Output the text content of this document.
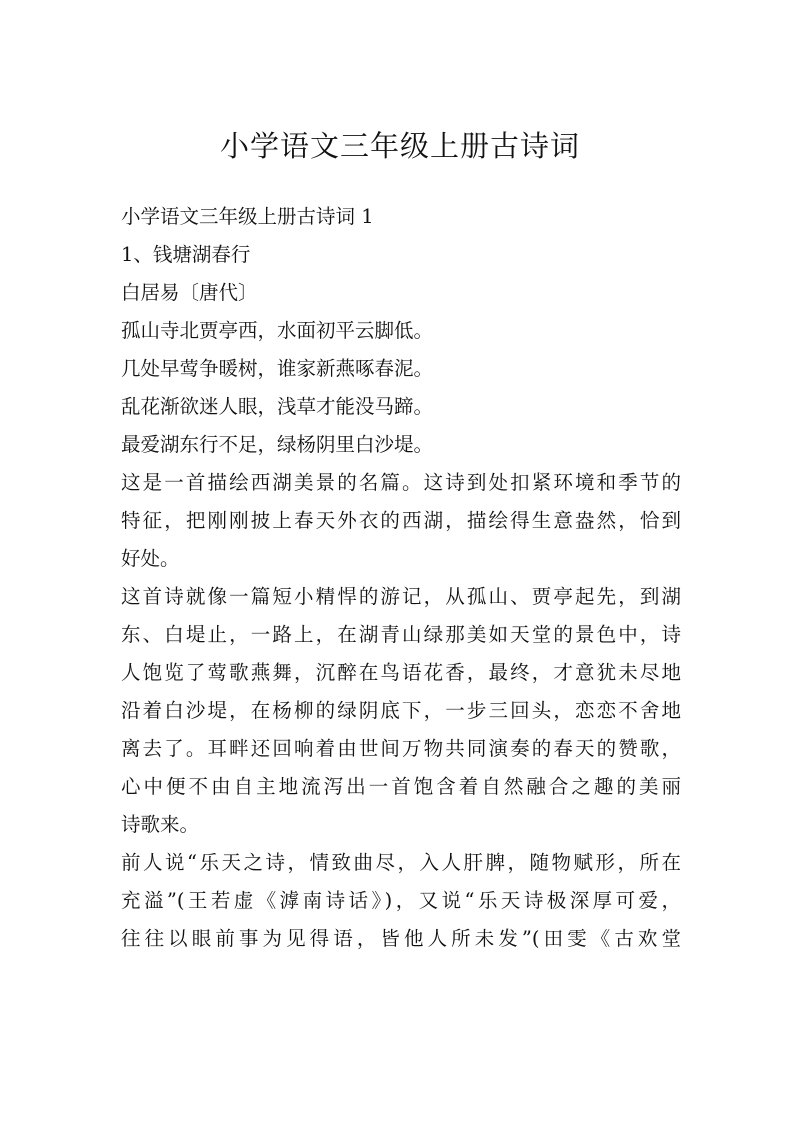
小学语文三年级上册古诗词

小学语文三年级上册古诗词 1

1、钱塘湖春行

白居易〔唐代〕

孤山寺北贾亭西，水面初平云脚低。

几处早莺争暖树，谁家新燕啄春泥。

乱花渐欲迷人眼，浅草才能没马蹄。

最爱湖东行不足，绿杨阴里白沙堤。

这是一首描绘西湖美景的名篇。这诗到处扣紧环境和季节的
特征，把刚刚披上春天外衣的西湖，描绘得生意盎然，恰到
好处。
这首诗就像一篇短小精悍的游记，从孤山、贾亭起先，到湖
东、白堤止，一路上，在湖青山绿那美如天堂的景色中，诗
人饱览了莺歌燕舞，沉醉在鸟语花香，最终，才意犹未尽地
沿着白沙堤，在杨柳的绿阴底下，一步三回头，恋恋不舍地
离去了。耳畔还回响着由世间万物共同演奏的春天的赞歌，
心中便不由自主地流泻出一首饱含着自然融合之趣的美丽
诗歌来。
前人说“乐天之诗，情致曲尽，入人肝脾，随物赋形，所在
充溢”(王若虚《滹南诗话》)，又说“乐天诗极深厚可爱，
往往以眼前事为见得语，皆他人所未发”(田雯《古欢堂
